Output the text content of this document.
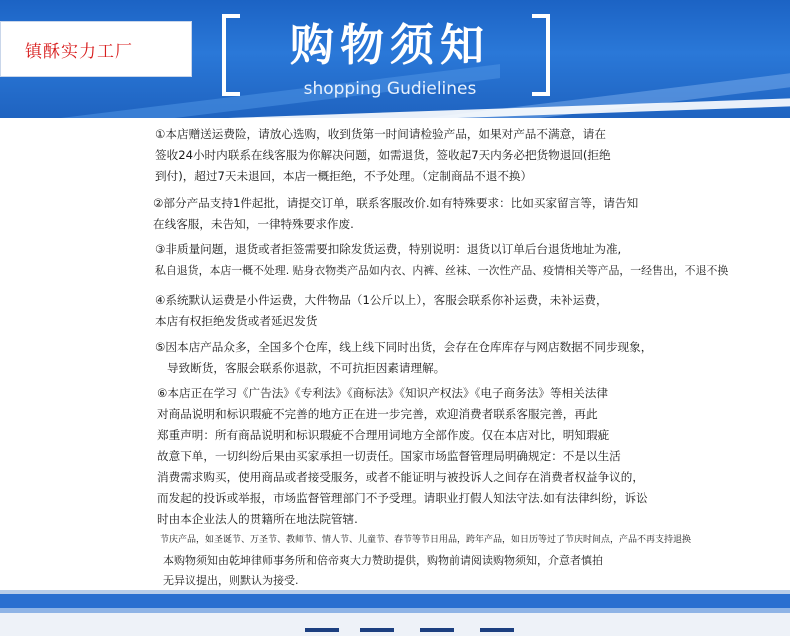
镇酥实力工厂	购物须知
shopping Gudielines
①本店赠送运费险，请放心选购，收到货第一时间请检验产品，如果对产品不满意，请在
签收24小时内联系在线客服为你解决问题，如需退货，签收起7天内务必把货物退回(拒绝
到付)，超过7天未退回，本店一概拒绝，不予处理。（定制商品不退不换）
②部分产品支持1件起批，请提交订单，联系客服改价.如有特殊要求：比如买家留言等，请告知
在线客服，未告知，一律特殊要求作废.
③非质量问题，退货或者拒签需要扣除发货运费，特别说明：退货以订单后台退货地址为准,
私自退货，本店一概不处理. 贴身衣物类产品如内衣、内裤、丝袜、一次性产品、疫情相关等产品，一经售出，不退不换
④系统默认运费是小件运费，大件物品（1公斤以上），客服会联系你补运费，未补运费，
本店有权拒绝发货或者延迟发货
⑤因本店产品众多，全国多个仓库，线上线下同时出货，会存在仓库库存与网店数据不同步现象，
导致断货，客服会联系你退款，不可抗拒因素请理解。
⑥本店正在学习《广告法》《专利法》《商标法》《知识产权法》《电子商务法》等相关法律
对商品说明和标识瑕疵不完善的地方正在进一步完善，欢迎消费者联系客服完善，再此
郑重声明：所有商品说明和标识瑕疵不合理用词地方全部作废。仅在本店对比，明知瑕疵
故意下单，一切纠纷后果由买家承担一切责任。国家市场监督管理局明确规定：不是以生活
消费需求购买，使用商品或者接受服务，或者不能证明与被投诉人之间存在消费者权益争议的，
而发起的投诉或举报，市场监督管理部门不予受理。请职业打假人知法守法.如有法律纠纷，诉讼
时由本企业法人的贯籍所在地法院管辖.
节庆产品，如圣诞节、万圣节、教师节、情人节、儿童节、春节等节日用品，跨年产品，如日历等过了节庆时间点，产品不再支持退换
本购物须知由乾坤律师事务所和倍帝爽大力赞助提供，购物前请阅读购物须知，介意者慎拍
无异议提出，则默认为接受.
